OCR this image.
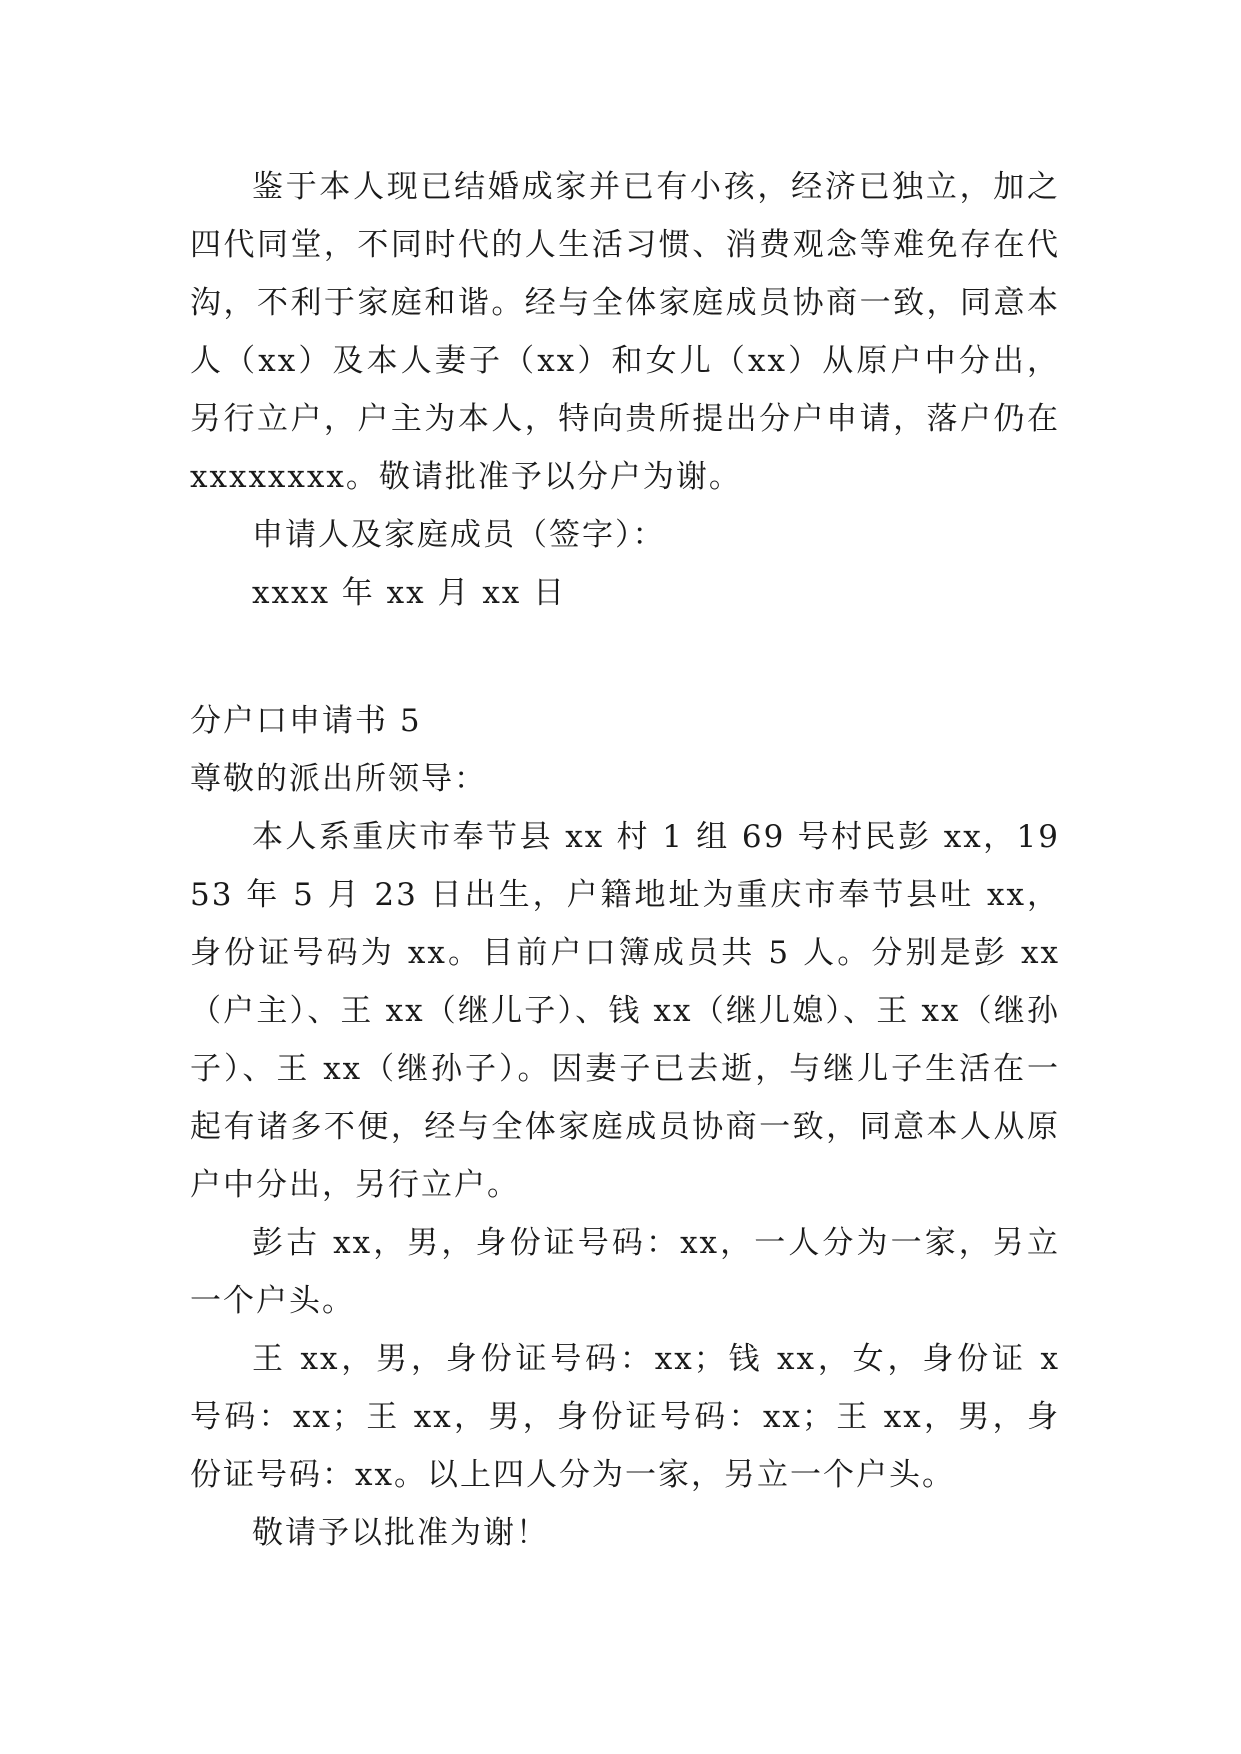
鉴于本人现已结婚成家并已有小孩，经济已独立，加之四代同堂，不同时代的人生活习惯、消费观念等难免存在代沟，不利于家庭和谐。经与全体家庭成员协商一致，同意本人（xx）及本人妻子（xx）和女儿（xx）从原户中分出，另行立户，户主为本人，特向贵所提出分户申请，落户仍在xxxxxxxx。敬请批准予以分户为谢。

申请人及家庭成员（签字）：

xxxx 年 xx 月 xx 日

分户口申请书 5

尊敬的派出所领导：

本人系重庆市奉节县 xx 村 1 组 69 号村民彭 xx，1953 年 5 月 23 日出生，户籍地址为重庆市奉节县吐 xx，身份证号码为 xx。目前户口簿成员共 5 人。分别是彭 xx（户主）、王 xx（继儿子）、钱 xx（继儿媳）、王 xx（继孙子）、王 xx（继孙子）。因妻子已去逝，与继儿子生活在一起有诸多不便，经与全体家庭成员协商一致，同意本人从原户中分出，另行立户。

彭古 xx，男，身份证号码：xx，一人分为一家，另立一个户头。

王 xx，男，身份证号码：xx；钱 xx，女，身份证 x 号码：xx；王 xx，男，身份证号码：xx；王 xx，男，身份证号码：xx。以上四人分为一家，另立一个户头。

敬请予以批准为谢！
